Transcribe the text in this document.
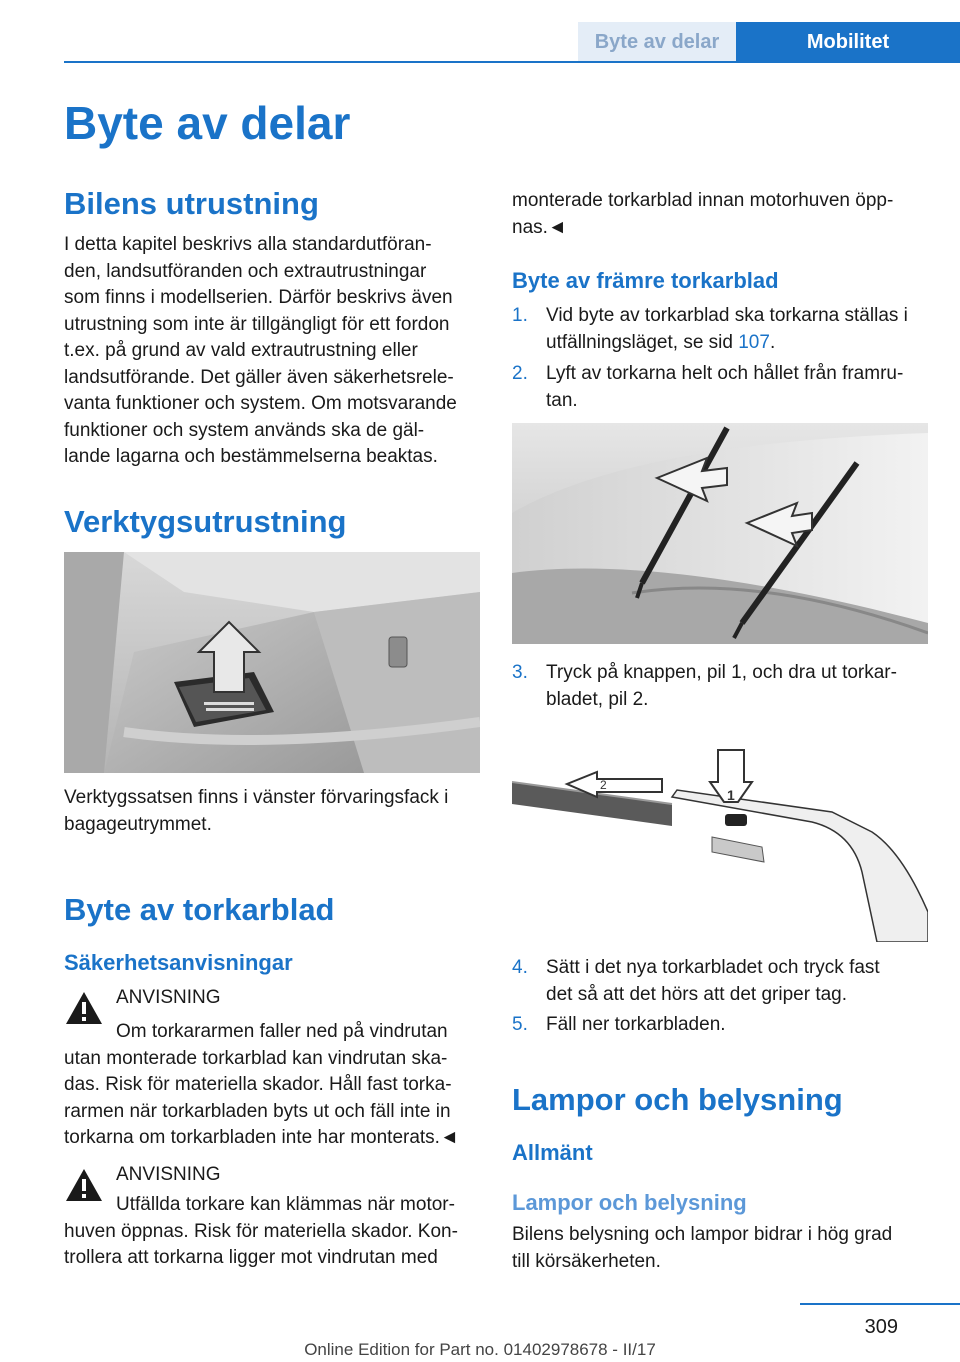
Byte av delar	Mobilitet
Byte av delar
Bilens utrustning
I detta kapitel beskrivs alla standardutföran-
den, landsutföranden och extrautrustningar
som finns i modellserien. Därför beskrivs även
utrustning som inte är tillgängligt för ett fordon
t.ex. på grund av vald extrautrustning eller
landsutförande. Det gäller även säkerhetsrele-
vanta funktioner och system. Om motsvarande
funktioner och system används ska de gäl-
lande lagarna och bestämmelserna beaktas.
Verktygsutrustning
Verktygssatsen finns i vänster förvaringsfack i
bagageutrymmet.
Byte av torkarblad
Säkerhetsanvisningar
ANVISNING
Om torkararmen faller ned på vindrutan
utan monterade torkarblad kan vindrutan ska-
das. Risk för materiella skador. Håll fast torka-
rarmen när torkarbladen byts ut och fäll inte in
torkarna om torkarbladen inte har monterats.◄
ANVISNING
Utfällda torkare kan klämmas när motor-
huven öppnas. Risk för materiella skador. Kon-
trollera att torkarna ligger mot vindrutan med
monterade torkarblad innan motorhuven öpp-
nas.◄
Byte av främre torkarblad
1. Vid byte av torkarblad ska torkarna ställas i
utfällningsläget, se sid 107.
2. Lyft av torkarna helt och hållet från framru-
tan.
3. Tryck på knappen, pil 1, och dra ut torkar-
bladet, pil 2.
2
1
4. Sätt i det nya torkarbladet och tryck fast
det så att det hörs att det griper tag.
5. Fäll ner torkarbladen.
Lampor och belysning
Allmänt
Lampor och belysning
Bilens belysning och lampor bidrar i hög grad
till körsäkerheten.
309
Online Edition for Part no. 01402978678 - II/17
